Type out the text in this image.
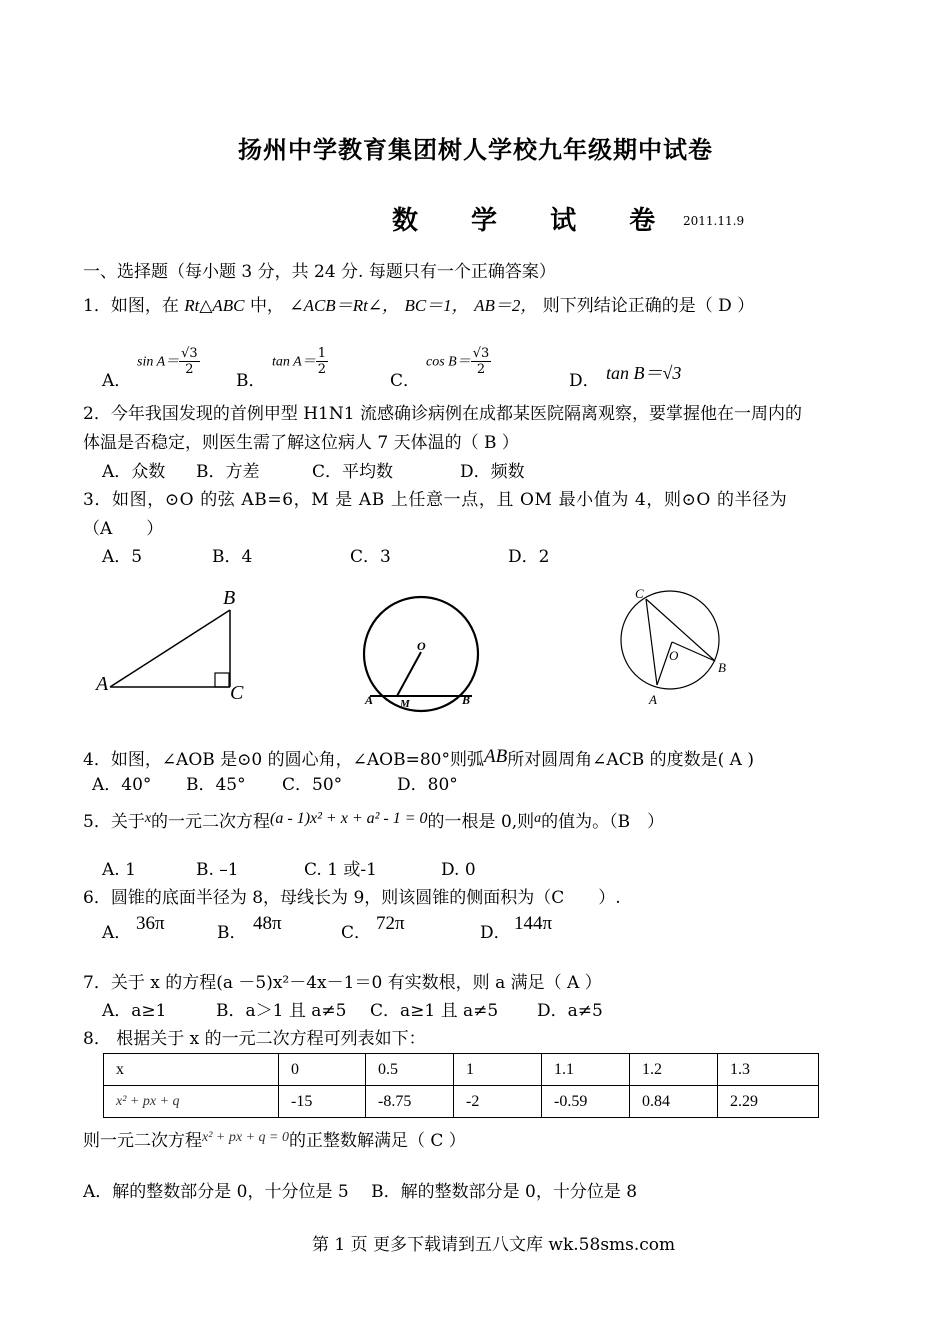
扬州中学教育集团树人学校九年级期中试卷
数 学 试 卷 2011.11.9
一、选择题（每小题 3 分，共 24 分. 每题只有一个正确答案）
1．如图，在 Rt△ABC 中， ∠ACB＝Rt∠， BC＝1， AB＝2， 则下列结论正确的是（ D ）
A．
$\sin A= \frac{√3}{2}$
B．
$\tan A= \frac{1}{2}$
C．
$\cos B= \frac{√3}{2}$
D． tan B＝√3
2．今年我国发现的首例甲型 H1N1 流感确诊病例在成都某医院隔离观察，要掌握他在一周内的
体温是否稳定，则医生需了解这位病人 7 天体温的（ B ）
A．众数 B．方差	C．平均数	D．频数
3．如图，⊙O 的弦 AB=6，M 是 AB 上任意一点，且 OM 最小值为 4，则⊙O 的半径为
（A　　）
A．5	B．4	C．3	D．2
A
B
C
O
A M	B
C
O
A
B
4．如图，∠AOB 是⊙0 的圆心角，∠AOB=80°则弧AB所对圆周角∠ACB 的度数是( A )
A．40° B．45° C．50°	D．80°
5．关于$^x$的一元二次方程(a - 1)x² + x + a² - 1 = 0的一根是 0,则$^a$的值为。（B　）
A. 1	B. –1	C. 1 或-1	D. 0
6．圆锥的底面半径为 8，母线长为 9，则该圆锥的侧面积为（C　　）.
A． 36π	B． 48π	C． 72π	D． 144π
7．关于 x 的方程(a －5)x²－4x－1＝0 有实数根，则 a 满足（ A ）
A．a≥1	B．a＞1 且 a≠5 C．a≥1 且 a≠5 D．a≠5
8． 根据关于 x 的一元二次方程可列表如下：
x	0	0.5	1	1.1	1.2	1.3
x² + px + q	-15	-8.75	-2	-0.59	0.84	2.29
则一元二次方程$^{x^2 + px + q = 0}$的正整数解满足（ C ）
A．解的整数部分是 0，十分位是 5　 B．解的整数部分是 0，十分位是 8
第 1 页 更多下载请到五八文库 wk.58sms.com
